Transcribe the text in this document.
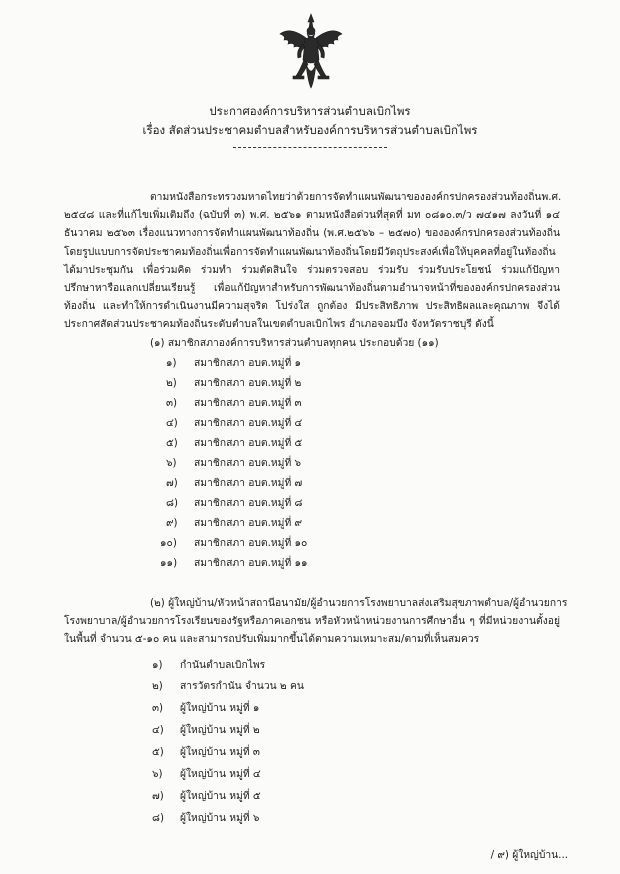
ประกาศองค์การบริหารส่วนตำบลเบิกไพร
เรื่อง สัดส่วนประชาคมตำบลสำหรับองค์การบริหารส่วนตำบลเบิกไพร
ตามหนังสือกระทรวงมหาดไทยว่าด้วยการจัดทำแผนพัฒนาขององค์กรปกครองส่วนท้องถิ่นพ.ศ.
๒๕๔๘ และที่แก้ไขเพิ่มเติมถึง (ฉบับที่ ๓) พ.ศ. ๒๕๖๑ ตามหนังสือด่วนที่สุดที่ มท ๐๘๑๐.๓/ว ๗๔๑๗ ลงวันที่ ๑๔
ธันวาคม ๒๕๖๓ เรื่องแนวทางการจัดทำแผนพัฒนาท้องถิ่น (พ.ศ.๒๕๖๖ – ๒๕๗๐) ขององค์กรปกครองส่วนท้องถิ่น
โดยรูปแบบการจัดประชาคมท้องถิ่นเพื่อการจัดทำแผนพัฒนาท้องถิ่นโดยมีวัตถุประสงค์เพื่อให้บุคคลที่อยู่ในท้องถิ่น
ได้มาประชุมกัน เพื่อร่วมคิด ร่วมทำ ร่วมตัดสินใจ ร่วมตรวจสอบ ร่วมรับ ร่วมรับประโยชน์ ร่วมแก้ปัญหา
ปรึกษาหารือแลกเปลี่ยนเรียนรู้ เพื่อแก้ปัญหาสำหรับการพัฒนาท้องถิ่นตามอำนาจหน้าที่ขององค์กรปกครองส่วน
ท้องถิ่น และทำให้การดำเนินงานมีความสุจริต โปร่งใส ถูกต้อง มีประสิทธิภาพ ประสิทธิผลและคุณภาพ จึงได้
ประกาศสัดส่วนประชาคมท้องถิ่นระดับตำบลในเขตตำบลเบิกไพร อำเภอจอมบึง จังหวัดราชบุรี ดังนี้
(๑) สมาชิกสภาองค์การบริหารส่วนตำบลทุกคน ประกอบด้วย (๑๑)
๑) สมาชิกสภา อบต.หมู่ที่ ๑
๒) สมาชิกสภา อบต.หมู่ที่ ๒
๓) สมาชิกสภา อบต.หมู่ที่ ๓
๔) สมาชิกสภา อบต.หมู่ที่ ๔
๕) สมาชิกสภา อบต.หมู่ที่ ๕
๖) สมาชิกสภา อบต.หมู่ที่ ๖
๗) สมาชิกสภา อบต.หมู่ที่ ๗
๘) สมาชิกสภา อบต.หมู่ที่ ๘
๙) สมาชิกสภา อบต.หมู่ที่ ๙
๑๐) สมาชิกสภา อบต.หมู่ที่ ๑๐
๑๑) สมาชิกสภา อบต.หมู่ที่ ๑๑
(๒) ผู้ใหญ่บ้าน/หัวหน้าสถานีอนามัย/ผู้อำนวยการโรงพยาบาลส่งเสริมสุขภาพตำบล/ผู้อำนวยการ
โรงพยาบาล/ผู้อำนวยการโรงเรียนของรัฐหรือภาคเอกชน หรือหัวหน้าหน่วยงานการศึกษาอื่น ๆ ที่มีหน่วยงานตั้งอยู่
ในพื้นที่ จำนวน ๕-๑๐ คน และสามารถปรับเพิ่มมากขึ้นได้ตามความเหมาะสม/ตามที่เห็นสมควร
๑) กำนันตำบลเบิกไพร
๒) สารวัตรกำนัน จำนวน ๒ คน
๓) ผู้ใหญ่บ้าน หมู่ที่ ๑
๔) ผู้ใหญ่บ้าน หมู่ที่ ๒
๕) ผู้ใหญ่บ้าน หมู่ที่ ๓
๖) ผู้ใหญ่บ้าน หมู่ที่ ๔
๗) ผู้ใหญ่บ้าน หมู่ที่ ๕
๘) ผู้ใหญ่บ้าน หมู่ที่ ๖
/ ๙) ผู้ใหญ่บ้าน...
